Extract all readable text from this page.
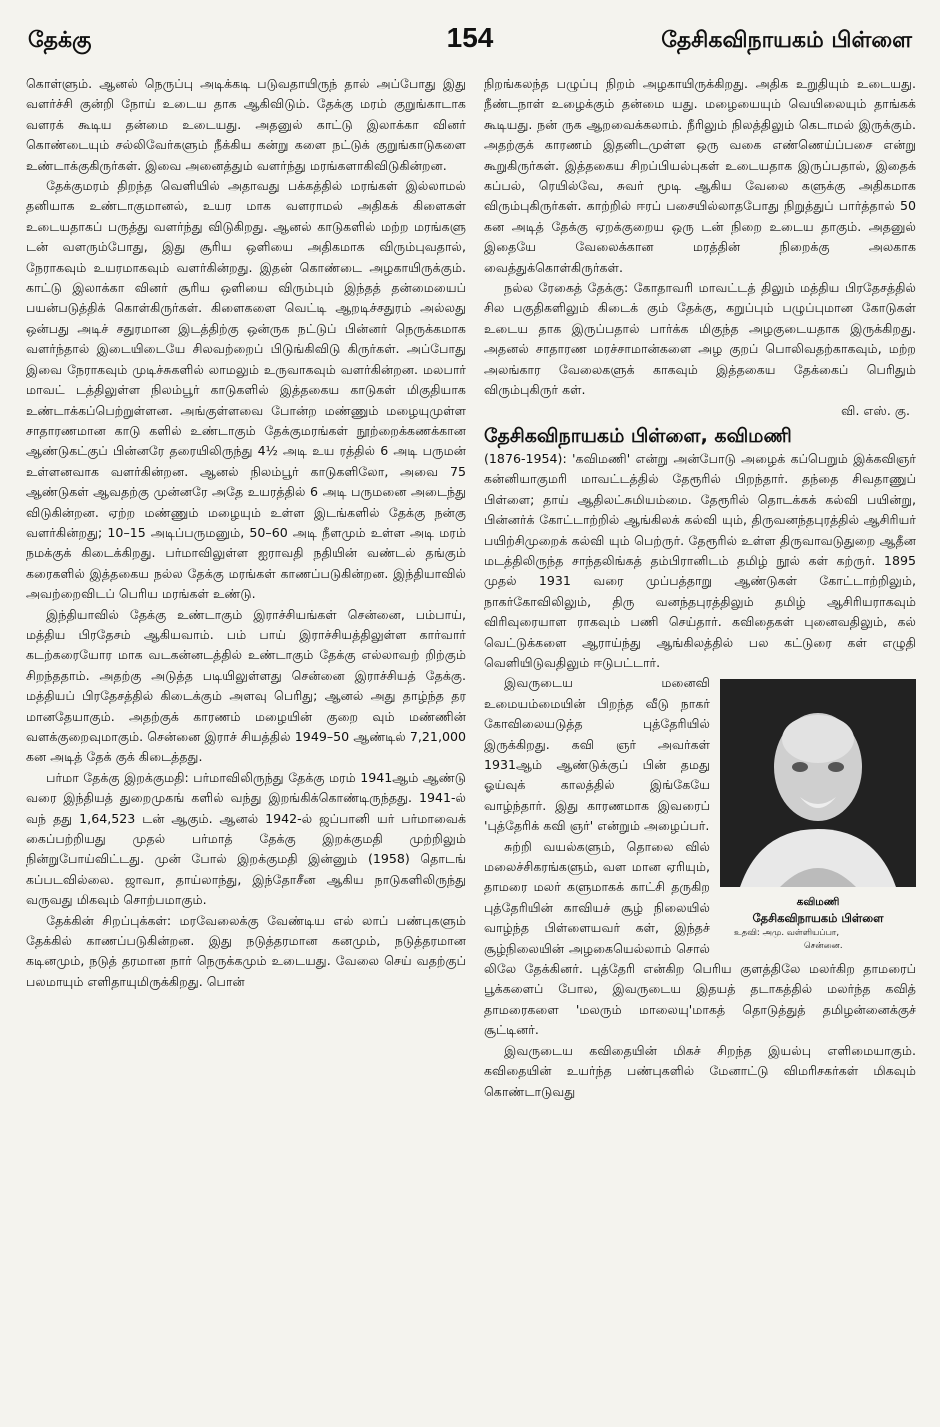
தேக்கு	154	தேசிகவிநாயகம் பிள்ளை

கொள்ளும். ஆனல் நெருப்பு அடிக்கடி படுவதாயிருந் தால் அப்போது இது வளர்ச்சி குன்றி நோய் உடைய தாக ஆகிவிடும். தேக்கு மரம் குறுங்காடாக வளரக் கூடிய தன்மை உடையது. அதனுல் காட்டு இலாக்கா வினர் கொண்டையும் சல்லிவேர்களும் நீக்கிய கன்று களை நட்டுக் குறுங்காடுகளை உண்டாக்குகிருர்கள். இவை அனைத்தும் வளர்ந்து மரங்களாகிவிடுகின்றன.

தேக்குமரம் திறந்த வெளியில் அதாவது பக்கத்தில் மரங்கள் இல்லாமல் தனியாக உண்டாகுமானல், உயர மாக வளராமல் அதிகக் கிளைகள் உடையதாகப் பருத்து வளர்ந்து விடுகிறது. ஆனல் காடுகளில் மற்ற மரங்களு டன் வளரும்போது, இது சூரிய ஒளியை அதிகமாக விரும்புவதால், நேராகவும் உயரமாகவும் வளர்கின்றது. இதன் கொண்டை அழகாயிருக்கும். காட்டு இலாக்கா வினர் சூரிய ஒளியை விரும்பும் இந்தத் தன்மையைப் பயன்படுத்திக் கொள்கிருர்கள். கிளைகளை வெட்டி ஆறடிச்சதுரம் அல்லது ஒன்பது அடிச் சதுரமான இடத்திற்கு ஒன்ருக நட்டுப் பின்னர் நெருக்கமாக வளர்ந்தால் இடையிடையே சிலவற்றைப் பிடுங்கிவிடு கிருர்கள். அப்போது இவை நேராகவும் முடிச்சுகளில் லாமலும் உருவாகவும் வளர்கின்றன. மலபார் மாவட் டத்திலுள்ள நிலம்பூர் காடுகளில் இத்தகைய காடுகள் மிகுதியாக உண்டாக்கப்பெற்றுள்ளன. அங்குள்ளவை போன்ற மண்ணும் மழையுமுள்ள சாதாரணமான காடு களில் உண்டாகும் தேக்குமரங்கள் நூற்றைக்கணக்கான ஆண்டுகட்குப் பின்னரே தரையிலிருந்து 4½ அடி உய ரத்தில் 6 அடி பருமன் உள்ளனவாக வளர்கின்றன. ஆனல் நிலம்பூர் காடுகளிலோ, அவை 75 ஆண்டுகள் ஆவதற்கு முன்னரே அதே உயரத்தில் 6 அடி பருமனை அடைந்து விடுகின்றன. ஏற்ற மண்ணும் மழையும் உள்ள இடங்களில் தேக்கு நன்கு வளர்கின்றது; 10–15 அடிப்பருமனும், 50–60 அடி நீளமும் உள்ள அடி மரம் நமக்குக் கிடைக்கிறது. பர்மாவிலுள்ள ஐராவதி நதியின் வண்டல் தங்கும் கரைகளில் இத்தகைய நல்ல தேக்கு மரங்கள் காணப்படுகின்றன. இந்தியாவில் அவற்றைவிடப் பெரிய மரங்கள் உண்டு.

இந்தியாவில் தேக்கு உண்டாகும் இராச்சியங்கள் சென்னை, பம்பாய், மத்திய பிரதேசம் ஆகியவாம். பம் பாய் இராச்சியத்திலுள்ள கார்வார் கடற்கரையோர மாக வடகன்னடத்தில் உண்டாகும் தேக்கு எல்லாவற் றிற்கும் சிறந்ததாம். அதற்கு அடுத்த படியிலுள்ளது சென்னை இராச்சியத் தேக்கு. மத்தியப் பிரதேசத்தில் கிடைக்கும் அளவு பெரிது; ஆனல் அது தாழ்ந்த தர மானதேயாகும். அதற்குக் காரணம் மழையின் குறை வும் மண்ணின் வளக்குறைவுமாகும். சென்னை இராச் சியத்தில் 1949–50 ஆண்டில் 7,21,000 கன அடித் தேக் குக் கிடைத்தது.

பர்மா தேக்கு இறக்குமதி: பர்மாவிலிருந்து தேக்கு மரம் 1941ஆம் ஆண்டு வரை இந்தியத் துறைமுகங் களில் வந்து இறங்கிக்கொண்டிருந்தது. 1941-ல் வந் தது 1,64,523 டன் ஆகும். ஆனல் 1942-ல் ஜப்பானி யர் பர்மாவைக் கைப்பற்றியது முதல் பர்மாத் தேக்கு இறக்குமதி முற்றிலும் நின்றுபோய்விட்டது. முன் போல் இறக்குமதி இன்னும் (1958) தொடங் கப்படவில்லை. ஜாவா, தாய்லாந்து, இந்தோசீன ஆகிய நாடுகளிலிருந்து வருவது மிகவும் சொற்பமாகும்.

தேக்கின் சிறப்புக்கள்: மரவேலைக்கு வேண்டிய எல் லாப் பண்புகளும் தேக்கில் காணப்படுகின்றன. இது நடுத்தரமான கனமும், நடுத்தரமான கடினமும், நடுத் தரமான நார் நெருக்கமும் உடையது. வேலை செய் வதற்குப் பலமாயும் எளிதாயுமிருக்கிறது. பொன்

நிறங்கலந்த பழுப்பு நிறம் அழகாயிருக்கிறது. அதிக உறுதியும் உடையது. நீண்டநாள் உழைக்கும் தன்மை யது. மழையையும் வெயிலையும் தாங்கக் கூடியது. நன் ருக ஆறவைக்கலாம். நீரிலும் நிலத்திலும் கெடாமல் இருக்கும். அதற்குக் காரணம் இதனிடமுள்ள ஒரு வகை எண்ணெய்ப்பசை என்று கூறுகிருர்கள். இத்தகைய சிறப்பியல்புகள் உடையதாக இருப்பதால், இதைக் கப்பல், ரெயில்வே, சுவர் மூடி ஆகிய வேலை களுக்கு அதிகமாக விரும்புகிருர்கள். காற்றில் ஈரப் பசையில்லாதபோது நிறுத்துப் பார்த்தால் 50 கன அடித் தேக்கு ஏறக்குறைய ஒரு டன் நிறை உடைய தாகும். அதனுல் இதையே வேலைக்கான மரத்தின் நிறைக்கு அலகாக வைத்துக்கொள்கிருர்கள்.

நல்ல ரேகைத் தேக்கு: கோதாவரி மாவட்டத் திலும் மத்திய பிரதேசத்தில் சில பகுதிகளிலும் கிடைக் கும் தேக்கு, கறுப்பும் பழுப்புமான கோடுகள் உடைய தாக இருப்பதால் பார்க்க மிகுந்த அழகுடையதாக இருக்கிறது. அதனல் சாதாரண மரச்சாமான்களை அழ குறப் பொலிவதற்காகவும், மற்ற அலங்கார வேலைகளுக் காகவும் இத்தகைய தேக்கைப் பெரிதும் விரும்புகிருர் கள்.

வி. எஸ். கு.

தேசிகவிநாயகம் பிள்ளை, கவிமணி

(1876-1954): 'கவிமணி' என்று அன்போடு அழைக் கப்பெறும் இக்கவிஞர் கன்னியாகுமரி மாவட்டத்தில் தேரூரில் பிறந்தார். தந்தை சிவதாணுப் பிள்ளை; தாய் ஆதிலட்சுமியம்மை. தேரூரில் தொடக்கக் கல்வி பயின்று, பின்னர்க் கோட்டாற்றில் ஆங்கிலக் கல்வி யும், திருவனந்தபுரத்தில் ஆசிரியர் பயிற்சிமுறைக் கல்வி யும் பெற்ருர். தேரூரில் உள்ள திருவாவடுதுறை ஆதீன மடத்திலிருந்த சாந்தலிங்கத் தம்பிரானிடம் தமிழ் நூல் கள் கற்ருர். 1895 முதல் 1931 வரை முப்பத்தாறு ஆண்டுகள் கோட்டாற்றிலும், நாகர்கோவிலிலும், திரு வனந்தபுரத்திலும் தமிழ் ஆசிரியராகவும் விரிவுரையாள ராகவும் பணி செய்தார். கவிதைகள் புனைவதிலும், கல் வெட்டுக்களை ஆராய்ந்து ஆங்கிலத்தில் பல கட்டுரை கள் எழுதி வெளியிடுவதிலும் ஈடுபட்டார்.

கவிமணி
தேசிகவிநாயகம் பிள்ளை
உதவி: அமு. வள்ளியப்பா,
சென்னை.

இவருடைய மனைவி உமையம்மையின் பிறந்த வீடு நாகர் கோவிலையடுத்த புத்தேரியில் இருக்கிறது. கவி ஞர் அவர்கள் 1931ஆம் ஆண்டுக்குப் பின் தமது ஓய்வுக் காலத்தில் இங்கேயே வாழ்ந்தார். இது காரணமாக இவரைப் 'புத்தேரிக் கவி ஞர்' என்றும் அழைப்பர்.

சுற்றி வயல்களும், தொலை வில் மலைச்சிகரங்களும், வள மான ஏரியும், தாமரை மலர் களுமாகக் காட்சி தருகிற புத்தேரியின் காவியச் சூழ் நிலையில் வாழ்ந்த பிள்ளையவர் கள், இந்தச் சூழ்நிலையின் அழகையெல்லாம் சொல் லிலே தேக்கினர். புத்தேரி என்கிற பெரிய குளத்திலே மலர்கிற தாமரைப் பூக்களைப் போல, இவருடைய இதயத் தடாகத்தில் மலர்ந்த கவித் தாமரைகளை 'மலரும் மாலையு'மாகத் தொடுத்துத் தமிழன்னைக்குச் சூட்டினர்.

இவருடைய கவிதையின் மிகச் சிறந்த இயல்பு எளிமையாகும். கவிதையின் உயர்ந்த பண்புகளில் மேனாட்டு விமரிசகர்கள் மிகவும் கொண்டாடுவது
